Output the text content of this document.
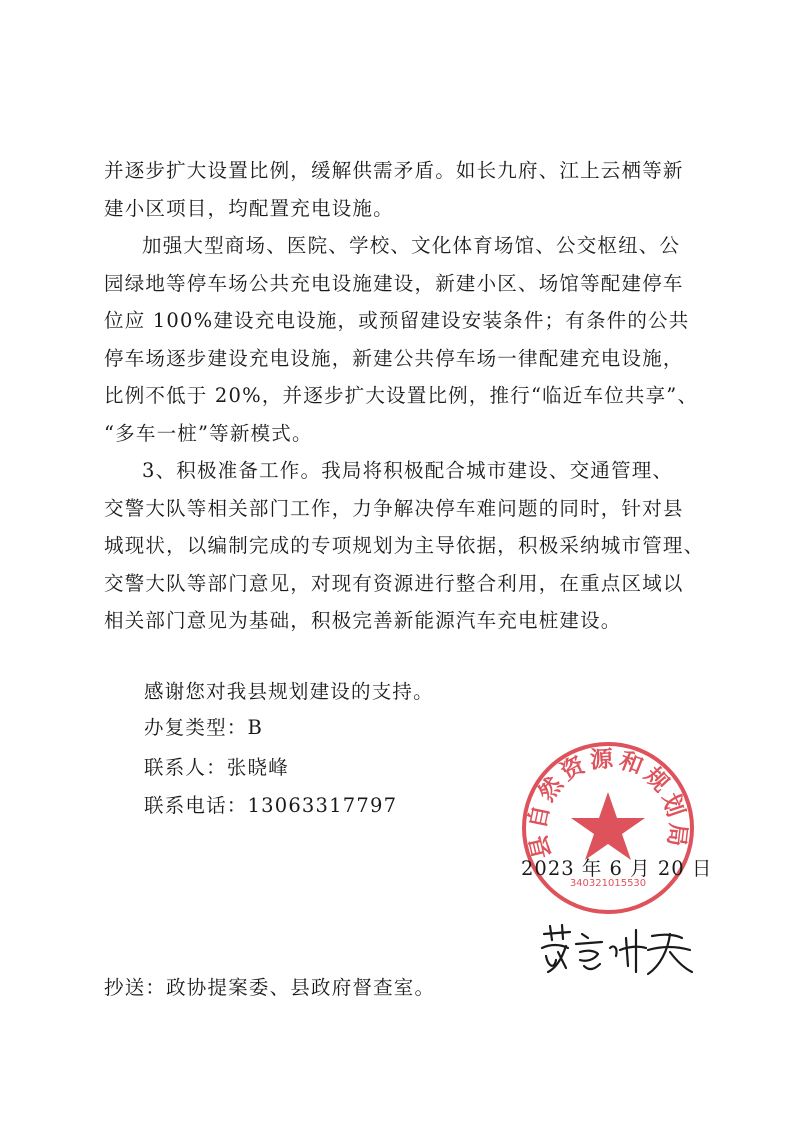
并逐步扩大设置比例，缓解供需矛盾。如长九府、江上云栖等新
建小区项目，均配置充电设施。
加强大型商场、医院、学校、文化体育场馆、公交枢纽、公
园绿地等停车场公共充电设施建设，新建小区、场馆等配建停车
位应 100%建设充电设施，或预留建设安装条件；有条件的公共
停车场逐步建设充电设施，新建公共停车场一律配建充电设施，
比例不低于 20%，并逐步扩大设置比例，推行“临近车位共享”、
“多车一桩”等新模式。
3、积极准备工作。我局将积极配合城市建设、交通管理、
交警大队等相关部门工作，力争解决停车难问题的同时，针对县
城现状，以编制完成的专项规划为主导依据，积极采纳城市管理、
交警大队等部门意见，对现有资源进行整合利用，在重点区域以
相关部门意见为基础，积极完善新能源汽车充电桩建设。
感谢您对我县规划建设的支持。
办复类型：B
联系人：张晓峰
联系电话：13063317797
县自然资源和规划局
340321015530
2023 年 6 月 20 日
抄送：政协提案委、县政府督查室。
